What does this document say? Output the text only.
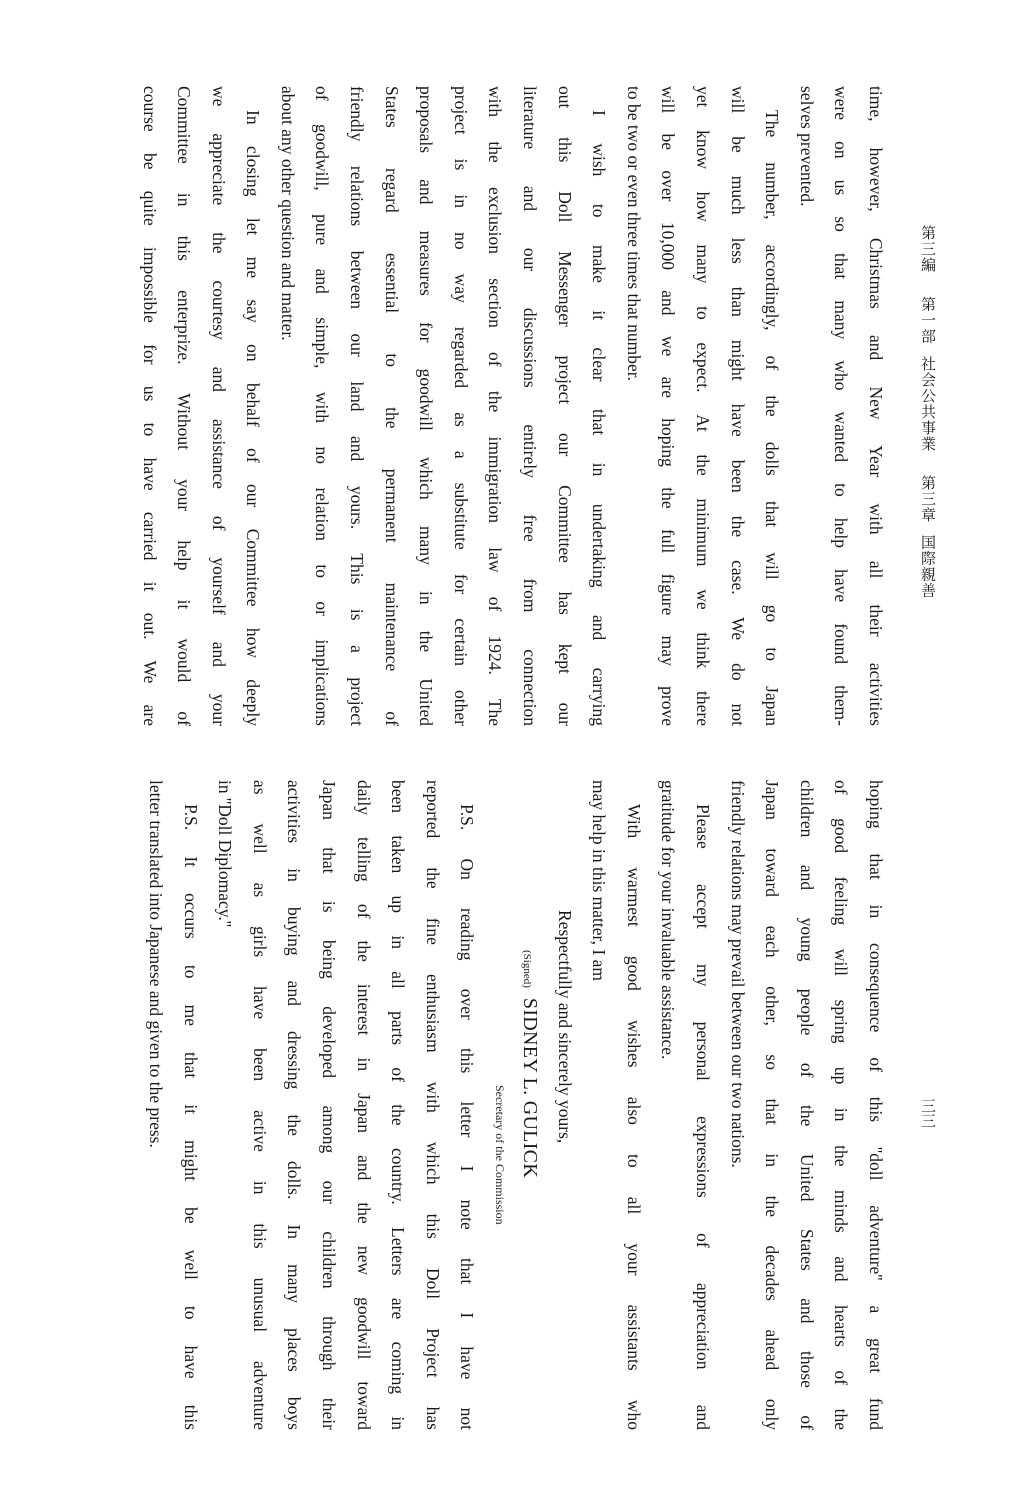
第三編    第一部  社会公共事業    第三章  国際親善
三三
time, however, Christmas and New Year with all their activities
were on us so that many who wanted to help have found them-
selves prevented.
The number, accordingly, of the dolls that will go to Japan
will be much less than might have been the case. We do not
yet know how many to expect. At the minimum we think there
will be over 10,000 and we are hoping the full figure may prove
to be two or even three times that number.
I wish to make it clear that in undertaking and carrying
out this Doll Messenger project our Committee has kept our
literature and our discussions entirely free from connection
with the exclusion section of the immigration law of 1924. The
project is in no way regarded as a substitute for certain other
proposals and measures for goodwill which many in the United
States regard essential to the permanent maintenance of
friendly relations between our land and yours. This is a project
of goodwill, pure and simple, with no relation to or implications
about any other question and matter.
In closing let me say on behalf of our Committee how deeply
we appreciate the courtesy and assistance of yourself and your
Committee in this enterprize. Without your help it would of
course be quite impossible for us to have carried it out. We are
hoping that in consequence of this ''doll adventure'' a great fund
of good feeling will spring up in the minds and hearts of the
children and young people of the United States and those of
Japan toward each other, so that in the decades ahead only
friendly relations may prevail between our two nations.
Please accept my personal expressions of appreciation and
gratitude for your invaluable assistance.
With warmest good wishes also to all your assistants who
may help in this matter, I am
Respectfully and sincerely yours,
(Signed)SIDNEY L. GULICK
Secretary of the Commission
P.S. On reading over this letter I note that I have not
reported the fine enthusiasm with which this Doll Project has
been taken up in all parts of the country. Letters are coming in
daily telling of the interest in Japan and the new goodwill toward
Japan that is being developed among our children through their
activities in buying and dressing the dolls. In many places boys
as well as girls have been active in this unusual adventure
in ''Doll Diplomacy.''
P.S. It occurs to me that it might be well to have this
letter translated into Japanese and given to the press.
